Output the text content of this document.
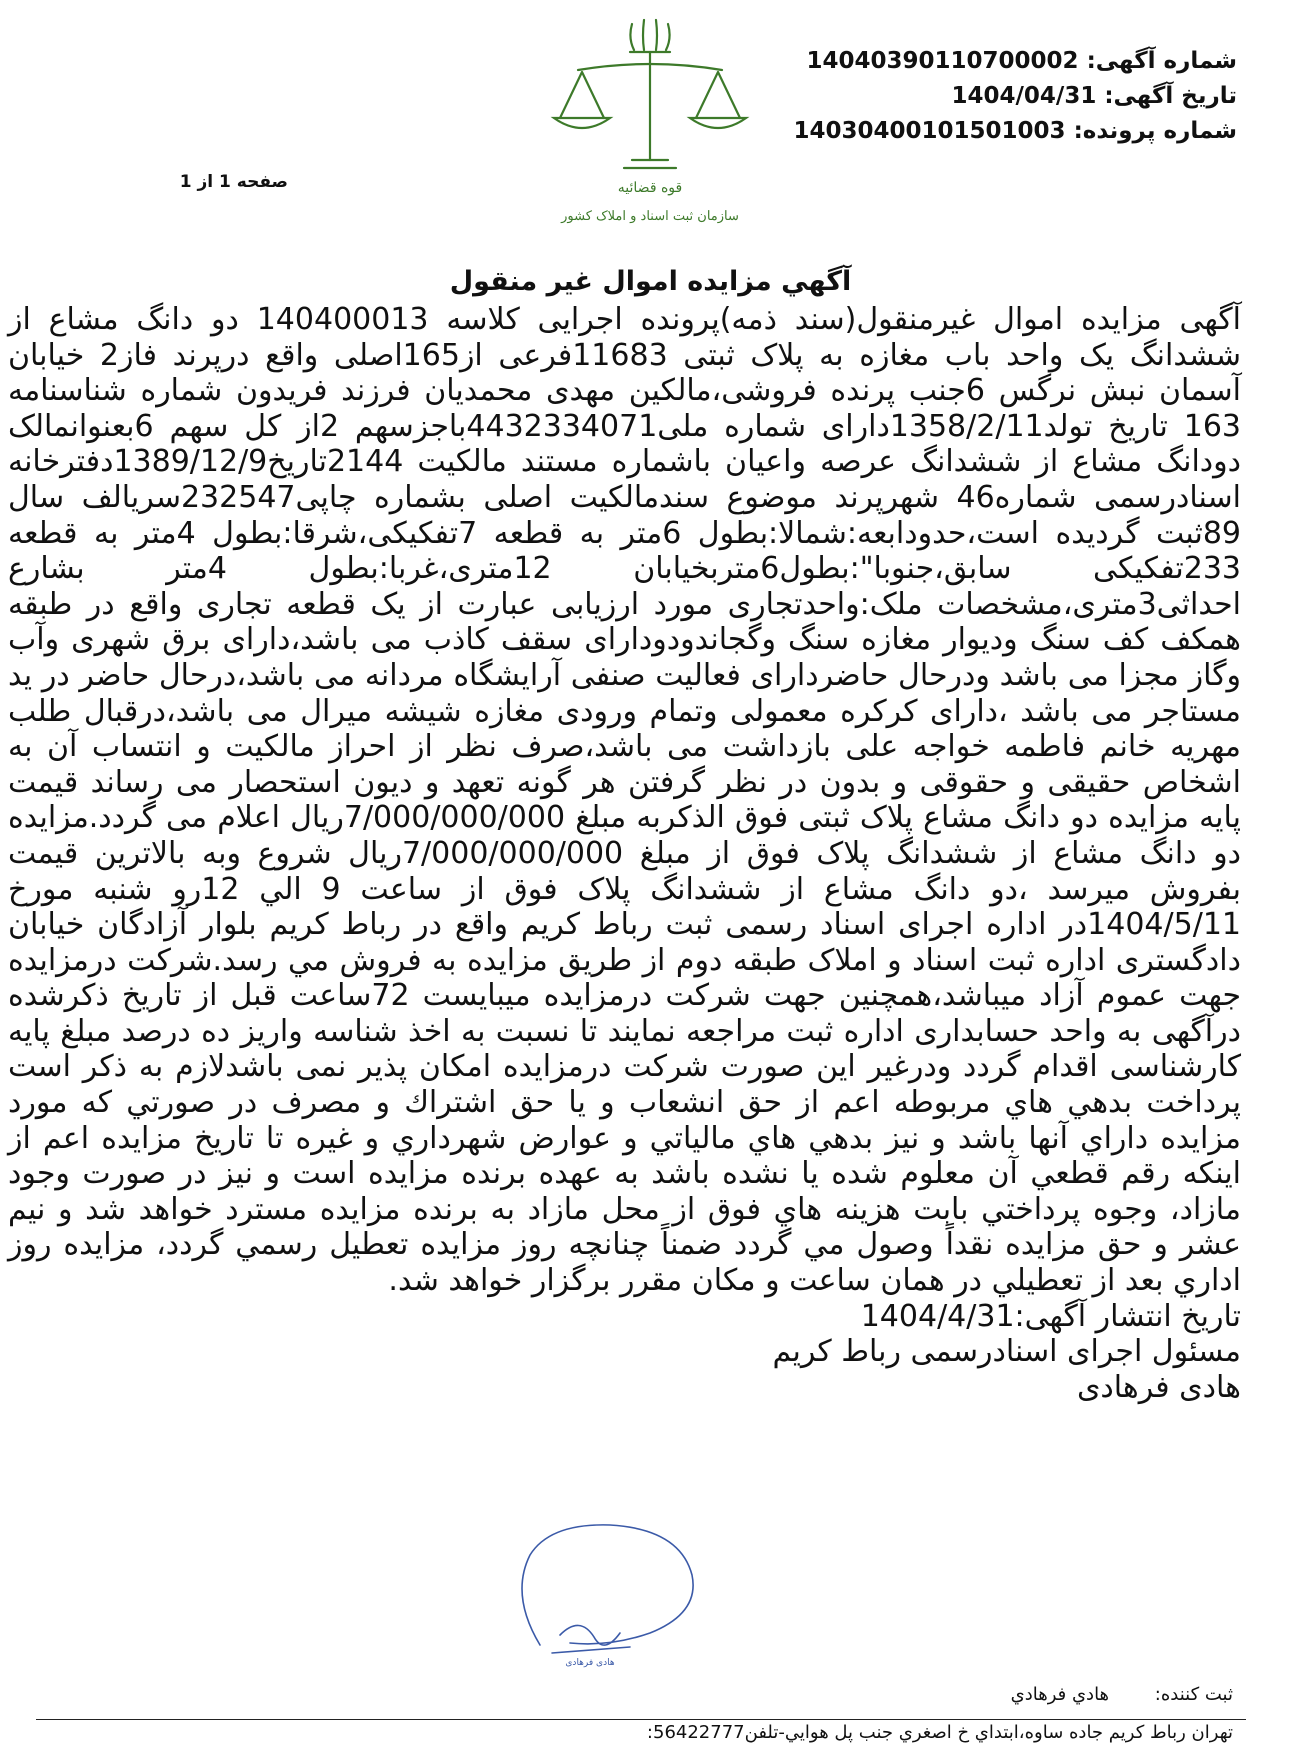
شماره آگهی: 14040390110700002
تاریخ آگهی: 1404/04/31
شماره پرونده: 14030400101501003
قوه قضائیه
سازمان ثبت اسناد و املاک کشور
صفحه 1 از 1
آگهي مزايده اموال غير منقول

آگهی مزایده اموال غیرمنقول(سند ذمه)پرونده اجرایی کلاسه 140400013 دو دانگ مشاع از ششدانگ یک واحد باب مغازه به پلاک ثبتی 11683فرعی از165اصلی واقع درپرند فاز2 خیابان آسمان نبش نرگس 6جنب پرنده فروشی،مالکین مهدی محمدیان فرزند فریدون شماره شناسنامه 163 تاریخ تولد1358/2/11دارای شماره ملی4432334071باجزسهم 2از کل سهم 6بعنوانمالک دودانگ مشاع از ششدانگ عرصه واعیان باشماره مستند مالکیت 2144تاریخ1389/12/9دفترخانه اسنادرسمی شماره46 شهرپرند موضوع سندمالکیت اصلی بشماره چاپی232547سریالف سال 89ثبت گردیده است،حدودابعه:شمالا:بطول 6متر به قطعه 7تفکیکی،شرقا:بطول 4متر به قطعه 233تفکیکی سابق،جنوبا":بطول6متربخیابان 12متری،غربا:بطول 4متر بشارع احداثی3متری،مشخصات ملک:واحدتجاری مورد ارزیابی عبارت از یک قطعه تجاری واقع در طبقه همکف کف سنگ ودیوار مغازه سنگ وگجاندودودارای سقف کاذب می باشد،دارای برق شهری وآب وگاز مجزا می باشد ودرحال حاضردارای فعالیت صنفی آرایشگاه مردانه می باشد،درحال حاضر در ید مستاجر می باشد ،دارای کرکره معمولی وتمام ورودی مغازه شیشه میرال می باشد،درقبال طلب مهریه خانم فاطمه خواجه علی بازداشت می باشد،صرف نظر از احراز مالکیت و انتساب آن به اشخاص حقیقی و حقوقی و بدون در نظر گرفتن هر گونه تعهد و دیون استحصار می رساند قیمت پایه مزایده دو دانگ مشاع پلاک ثبتی فوق الذکربه مبلغ 7/000/000/000ریال اعلام می گردد.مزایده دو دانگ مشاع از ششدانگ پلاک فوق از مبلغ 7/000/000/000ریال شروع وبه بالاترین قیمت بفروش میرسد ،دو دانگ مشاع از ششدانگ پلاک فوق از ساعت 9 الي 12رو شنبه مورخ 1404/5/11در اداره اجرای اسناد رسمی ثبت رباط کریم واقع در رباط کریم بلوار آزادگان خیابان دادگستری اداره ثبت اسناد و املاک طبقه دوم از طریق مزایده به فروش مي رسد.شرکت درمزایده جهت عموم آزاد میباشد،همچنین جهت شرکت درمزایده میبایست 72ساعت قبل از تاریخ ذکرشده درآگهی به واحد حسابداری اداره ثبت مراجعه نمایند تا نسبت به اخذ شناسه واریز ده درصد مبلغ پایه کارشناسی اقدام گردد ودرغیر این صورت شرکت درمزایده امکان پذیر نمی باشدلازم به ذکر است پرداخت بدهي هاي مربوطه اعم از حق انشعاب و يا حق اشتراك و مصرف در صورتي كه مورد مزايده داراي آنها باشد و نيز بدهي هاي مالياتي و عوارض شهرداري و غيره تا تاريخ مزايده اعم از اينكه رقم قطعي آن معلوم شده يا نشده باشد به عهده برنده مزايده است و نيز در صورت وجود مازاد، وجوه پرداختي بابت هزينه هاي فوق از محل مازاد به برنده مزايده مسترد خواهد شد و نيم عشر و حق مزايده نقداً وصول مي گردد ضمناً چنانچه روز مزايده تعطيل رسمي گردد، مزايده روز اداري بعد از تعطيلي در همان ساعت و مكان مقرر برگزار خواهد شد.

تاریخ انتشار آگهی:1404/4/31

مسئول اجرای اسنادرسمی رباط کریم

هادی فرهادی

هادی فرهادی
ثبت کننده: هادي فرهادي
تهران رباط كريم جاده ساوه،ابتداي خ اصغري جنب پل هوايي-تلفن56422777:
